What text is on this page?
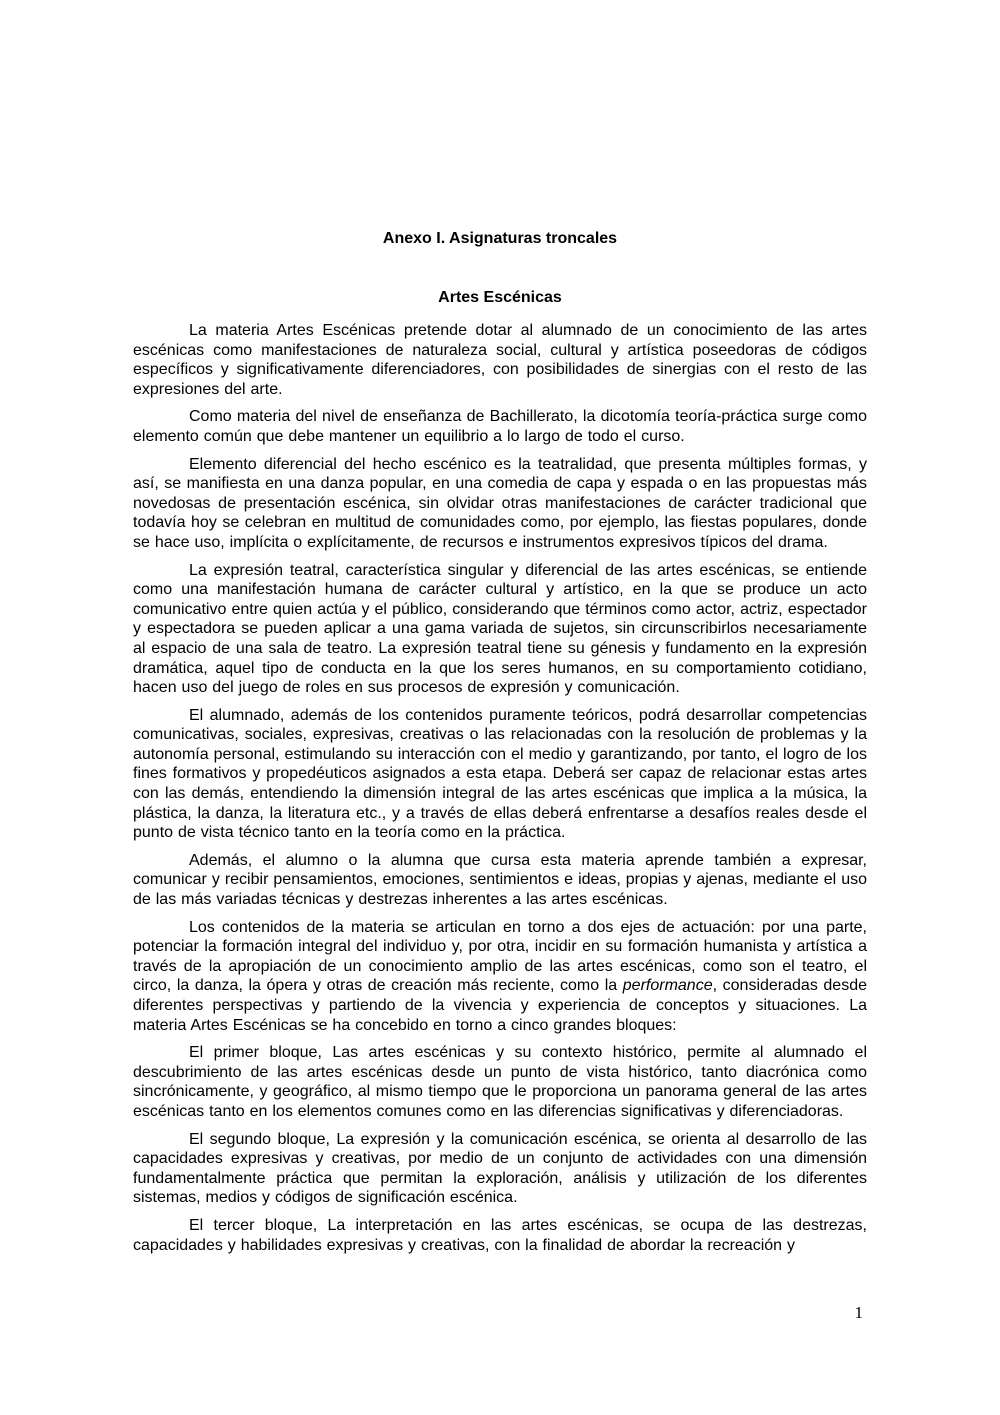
Anexo I. Asignaturas troncales
Artes Escénicas

La materia Artes Escénicas pretende dotar al alumnado de un conocimiento de las artes escénicas como manifestaciones de naturaleza social, cultural y artística poseedoras de códigos específicos y significativamente diferenciadores, con posibilidades de sinergias con el resto de las expresiones del arte.

Como materia del nivel de enseñanza de Bachillerato, la dicotomía teoría-práctica surge como elemento común que debe mantener un equilibrio a lo largo de todo el curso.

Elemento diferencial del hecho escénico es la teatralidad, que presenta múltiples formas, y así, se manifiesta en una danza popular, en una comedia de capa y espada o en las propuestas más novedosas de presentación escénica, sin olvidar otras manifestaciones de carácter tradicional que todavía hoy se celebran en multitud de comunidades como, por ejemplo, las fiestas populares, donde se hace uso, implícita o explícitamente, de recursos e instrumentos expresivos típicos del drama.

La expresión teatral, característica singular y diferencial de las artes escénicas, se entiende como una manifestación humana de carácter cultural y artístico, en la que se produce un acto comunicativo entre quien actúa y el público, considerando que términos como actor, actriz, espectador y espectadora se pueden aplicar a una gama variada de sujetos, sin circunscribirlos necesariamente al espacio de una sala de teatro. La expresión teatral tiene su génesis y fundamento en la expresión dramática, aquel tipo de conducta en la que los seres humanos, en su comportamiento cotidiano, hacen uso del juego de roles en sus procesos de expresión y comunicación.

El alumnado, además de los contenidos puramente teóricos, podrá desarrollar competencias comunicativas, sociales, expresivas, creativas o las relacionadas con la resolución de problemas y la autonomía personal, estimulando su interacción con el medio y garantizando, por tanto, el logro de los fines formativos y propedéuticos asignados a esta etapa. Deberá ser capaz de relacionar estas artes con las demás, entendiendo la dimensión integral de las artes escénicas que implica a la música, la plástica, la danza, la literatura etc., y a través de ellas deberá enfrentarse a desafíos reales desde el punto de vista técnico tanto en la teoría como en la práctica.

Además, el alumno o la alumna que cursa esta materia aprende también a expresar, comunicar y recibir pensamientos, emociones, sentimientos e ideas, propias y ajenas, mediante el uso de las más variadas técnicas y destrezas inherentes a las artes escénicas.

Los contenidos de la materia se articulan en torno a dos ejes de actuación: por una parte, potenciar la formación integral del individuo y, por otra, incidir en su formación humanista y artística a través de la apropiación de un conocimiento amplio de las artes escénicas, como son el teatro, el circo, la danza, la ópera y otras de creación más reciente, como la performance, consideradas desde diferentes perspectivas y partiendo de la vivencia y experiencia de conceptos y situaciones. La materia Artes Escénicas se ha concebido en torno a cinco grandes bloques:

El primer bloque, Las artes escénicas y su contexto histórico, permite al alumnado el descubrimiento de las artes escénicas desde un punto de vista histórico, tanto diacrónica como sincrónicamente, y geográfico, al mismo tiempo que le proporciona un panorama general de las artes escénicas tanto en los elementos comunes como en las diferencias significativas y diferenciadoras.

El segundo bloque, La expresión y la comunicación escénica, se orienta al desarrollo de las capacidades expresivas y creativas, por medio de un conjunto de actividades con una dimensión fundamentalmente práctica que permitan la exploración, análisis y utilización de los diferentes sistemas, medios y códigos de significación escénica.

El tercer bloque, La interpretación en las artes escénicas, se ocupa de las destrezas, capacidades y habilidades expresivas y creativas, con la finalidad de abordar la recreación y

1
